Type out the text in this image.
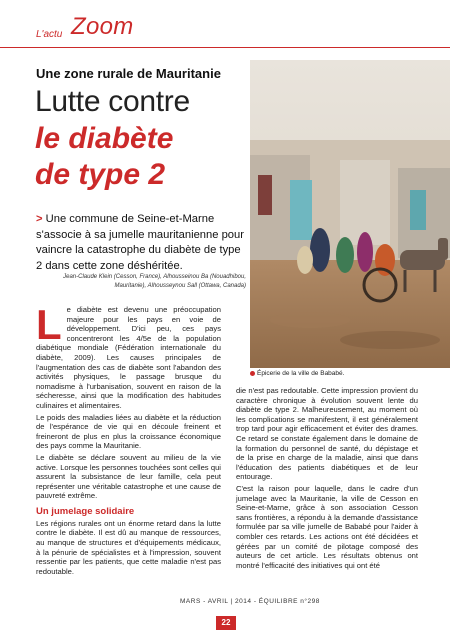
L'actu Zoom
Une zone rurale de Mauritanie
Lutte contre
le diabète
de type 2
Épicerie de la ville de Bababé.
> Une commune de Seine-et-Marne s'associe à sa jumelle mauritanienne pour vaincre la catastrophe du diabète de type 2 dans cette zone déshéritée.
Jean-Claude Klein (Cesson, France), Alhousseinou Ba (Nouadhibou, Mauritanie), Alhousseynou Sall (Ottawa, Canada)

Le diabète est devenu une préoccupation majeure pour les pays en voie de développement. D'ici peu, ces pays concentreront les 4/5e de la population diabétique mondiale (Fédération internationale du diabète, 2009). Les causes principales de l'augmentation des cas de diabète sont l'abandon des activités physiques, le passage brusque du nomadisme à l'urbanisation, souvent en raison de la sécheresse, ainsi que la modification des habitudes culinaires et alimentaires.

Le poids des maladies liées au diabète et la réduction de l'espérance de vie qui en découle freinent et freineront de plus en plus la croissance économique des pays comme la Mauritanie.

Le diabète se déclare souvent au milieu de la vie active. Lorsque les personnes touchées sont celles qui assurent la subsistance de leur famille, cela peut représenter une véritable catastrophe et une cause de pauvreté extrême.

Un jumelage solidaire

Les régions rurales ont un énorme retard dans la lutte contre le diabète. Il est dû au manque de ressources, au manque de structures et d'équipements médicaux, à la pénurie de spécialistes et à l'impression, souvent ressentie par les patients, que cette maladie n'est pas redoutable.

die n'est pas redoutable. Cette impression provient du caractère chronique à évolution souvent lente du diabète de type 2. Malheureusement, au moment où les complications se manifestent, il est généralement trop tard pour agir efficacement et éviter des drames. Ce retard se constate également dans le domaine de la formation du personnel de santé, du dépistage et de la prise en charge de la maladie, ainsi que dans l'éducation des patients diabétiques et de leur entourage.

C'est la raison pour laquelle, dans le cadre d'un jumelage avec la Mauritanie, la ville de Cesson en Seine-et-Marne, grâce à son association Cesson sans frontières, a répondu à la demande d'assistance formulée par sa ville jumelle de Bababé pour l'aider à combler ces retards. Les actions ont été décidées et gérées par un comité de pilotage composé des auteurs de cet article. Les résultats obtenus ont montré l'efficacité des initiatives qui ont été

MARS - AVRIL | 2014 - ÉQUILIBRE n°298
22
